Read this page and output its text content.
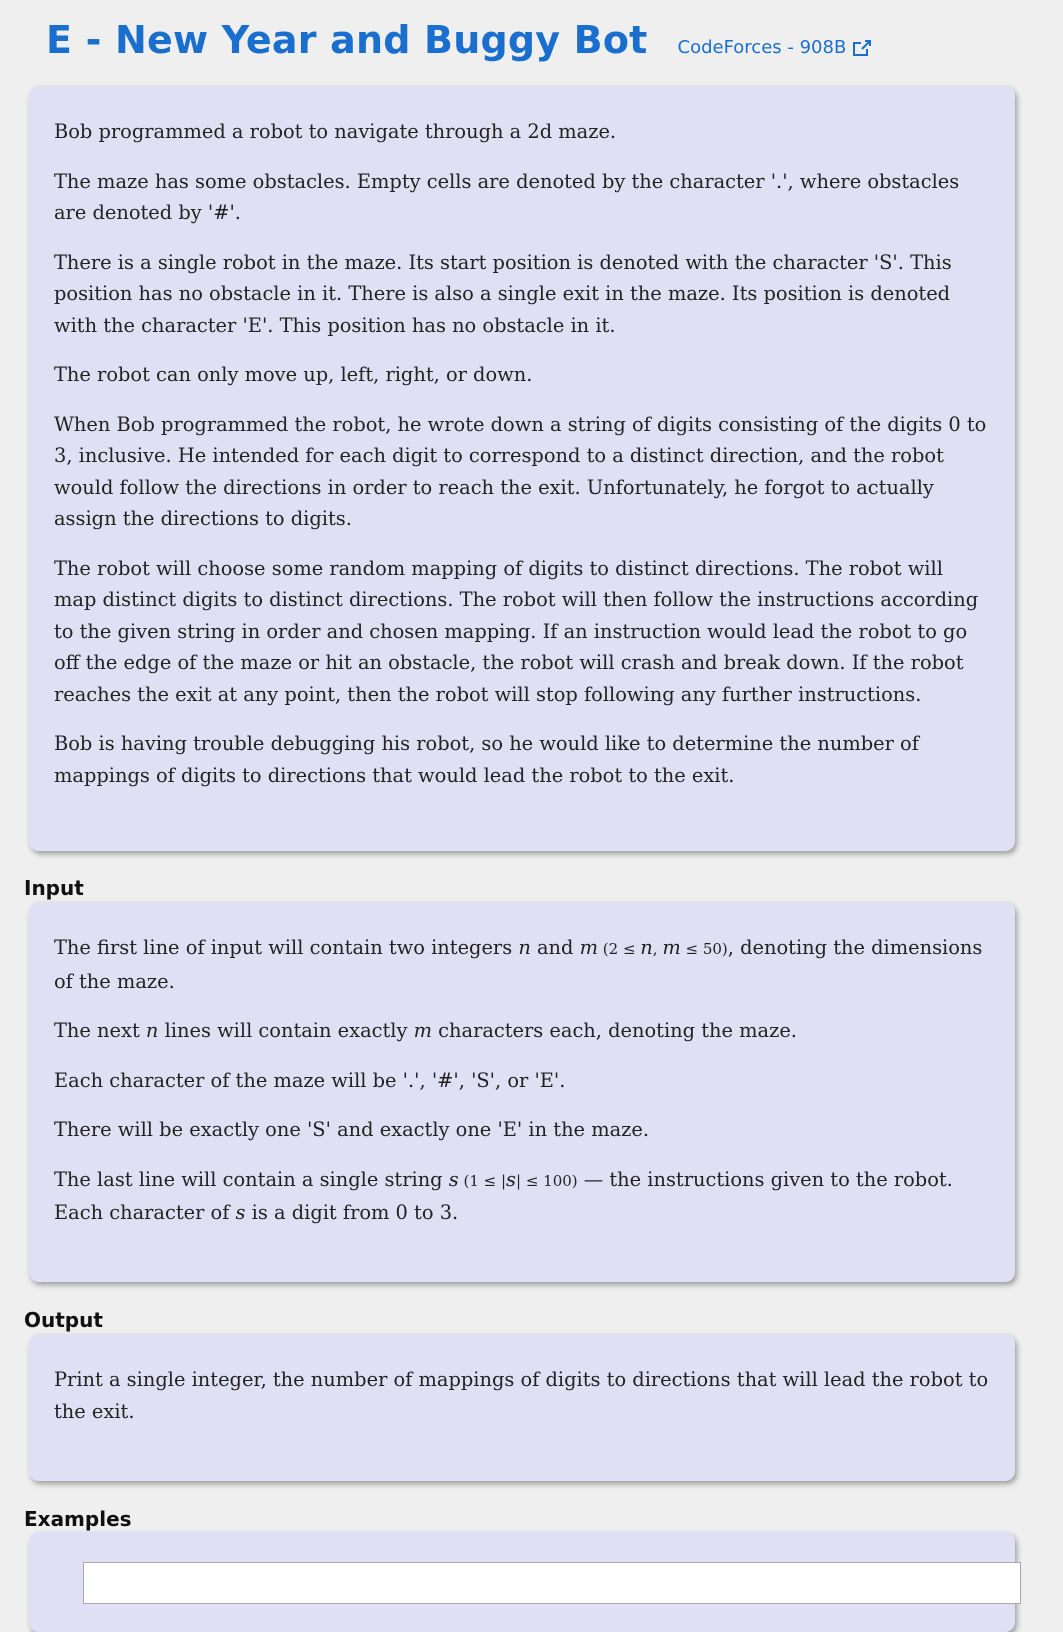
E - New Year and Buggy Bot CodeForces - 908B

Bob programmed a robot to navigate through a 2d maze.

The maze has some obstacles. Empty cells are denoted by the character '.', where obstacles are denoted by '#'.

There is a single robot in the maze. Its start position is denoted with the character 'S'. This position has no obstacle in it. There is also a single exit in the maze. Its position is denoted with the character 'E'. This position has no obstacle in it.

The robot can only move up, left, right, or down.

When Bob programmed the robot, he wrote down a string of digits consisting of the digits 0 to 3, inclusive. He intended for each digit to correspond to a distinct direction, and the robot would follow the directions in order to reach the exit. Unfortunately, he forgot to actually assign the directions to digits.

The robot will choose some random mapping of digits to distinct directions. The robot will map distinct digits to distinct directions. The robot will then follow the instructions according to the given string in order and chosen mapping. If an instruction would lead the robot to go off the edge of the maze or hit an obstacle, the robot will crash and break down. If the robot reaches the exit at any point, then the robot will stop following any further instructions.

Bob is having trouble debugging his robot, so he would like to determine the number of mappings of digits to directions that would lead the robot to the exit.

Input

The first line of input will contain two integers n and m (2 ≤ n, m ≤ 50), denoting the dimensions of the maze.

The next n lines will contain exactly m characters each, denoting the maze.

Each character of the maze will be '.', '#', 'S', or 'E'.

There will be exactly one 'S' and exactly one 'E' in the maze.

The last line will contain a single string s (1 ≤ |s| ≤ 100) — the instructions given to the robot. Each character of s is a digit from 0 to 3.

Output

Print a single integer, the number of mappings of digits to directions that will lead the robot to the exit.

Examples
